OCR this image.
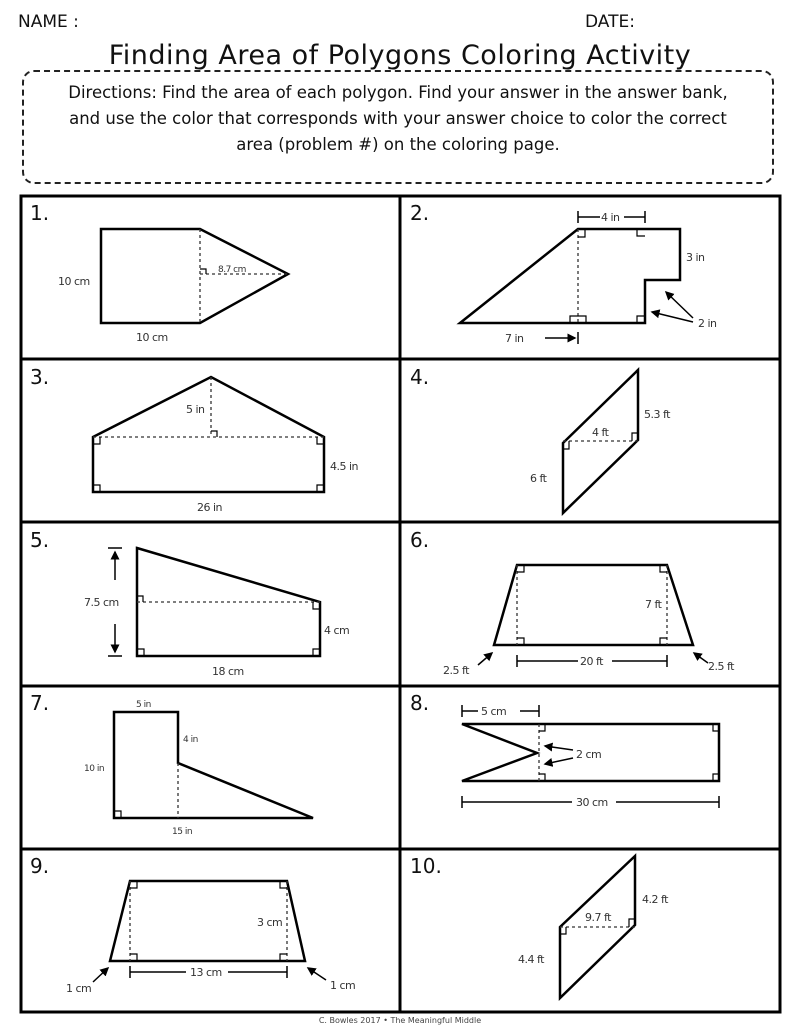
NAME :	DATE:
Finding Area of Polygons Coloring Activity
Directions: Find the area of each polygon. Find your answer in the answer bank,
and use the color that corresponds with your answer choice to color the correct
area (problem #) on the coloring page.
1.
10 cm
10 cm
8.7 cm
2.	4 in
3 in
7 in
2 in
3.
5 in
4.5 in
26 in
4.
4 ft
5.3 ft
6 ft
5.
7.5 cm
4 cm
18 cm
6.
7 ft
20 ft
2.5 ft	2.5 ft
7.	5 in
4 in
10 in
15 in
8.	5 cm
2 cm
30 cm
9.
3 cm
13 cm
1 cm	1 cm
10.
9.7 ft
4.2 ft
4.4 ft
C. Bowles 2017 • The Meaningful Middle
